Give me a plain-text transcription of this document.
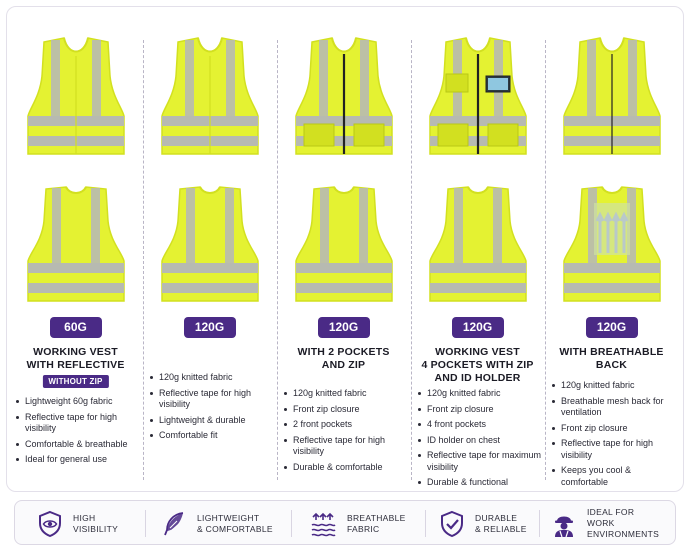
60G
WORKING VEST
WITH REFLECTIVE
WITHOUT ZIP
Lightweight 60g fabric
Reflective tape for high visibility
Comfortable & breathable
Ideal for general use
120G
120g knitted fabric
Reflective tape for high visibility
Lightweight & durable
Comfortable fit
120G
WITH 2 POCKETS
AND ZIP
120g knitted fabric
Front zip closure
2 front pockets
Reflective tape for high visibility
Durable & comfortable
120G
WORKING VEST
4 POCKETS WITH ZIP
AND ID HOLDER
120g knitted fabric
Front zip closure
4 front pockets
ID holder on chest
Reflective tape for maximum visibility
Durable & functional
120G
WITH BREATHABLE
BACK
120g knitted fabric
Breathable mesh back for ventilation
Front zip closure
Reflective tape for high visibility
Keeps you cool & comfortable
HIGH
VISIBILITY
LIGHTWEIGHT
& COMFORTABLE
BREATHABLE
FABRIC
DURABLE
& RELIABLE
IDEAL FOR
WORK ENVIRONMENTS
